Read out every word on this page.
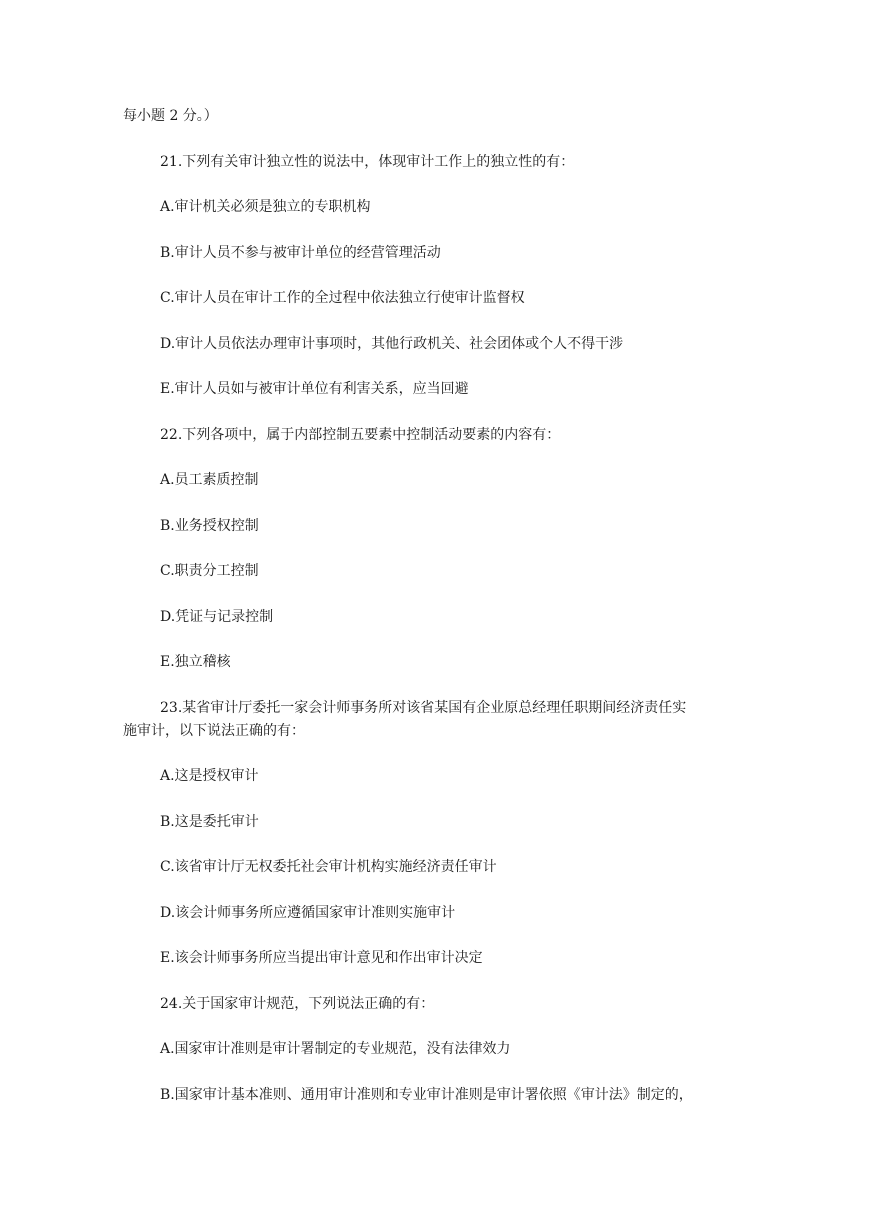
每小题 2 分。）
21.下列有关审计独立性的说法中，体现审计工作上的独立性的有：
A.审计机关必须是独立的专职机构
B.审计人员不参与被审计单位的经营管理活动
C.审计人员在审计工作的全过程中依法独立行使审计监督权
D.审计人员依法办理审计事项时，其他行政机关、社会团体或个人不得干涉
E.审计人员如与被审计单位有利害关系，应当回避
22.下列各项中，属于内部控制五要素中控制活动要素的内容有：
A.员工素质控制
B.业务授权控制
C.职责分工控制
D.凭证与记录控制
E.独立稽核
23.某省审计厅委托一家会计师事务所对该省某国有企业原总经理任职期间经济责任实
施审计，以下说法正确的有：
A.这是授权审计
B.这是委托审计
C.该省审计厅无权委托社会审计机构实施经济责任审计
D.该会计师事务所应遵循国家审计准则实施审计
E.该会计师事务所应当提出审计意见和作出审计决定
24.关于国家审计规范，下列说法正确的有：
A.国家审计准则是审计署制定的专业规范，没有法律效力
B.国家审计基本准则、通用审计准则和专业审计准则是审计署依照《审计法》制定的，
